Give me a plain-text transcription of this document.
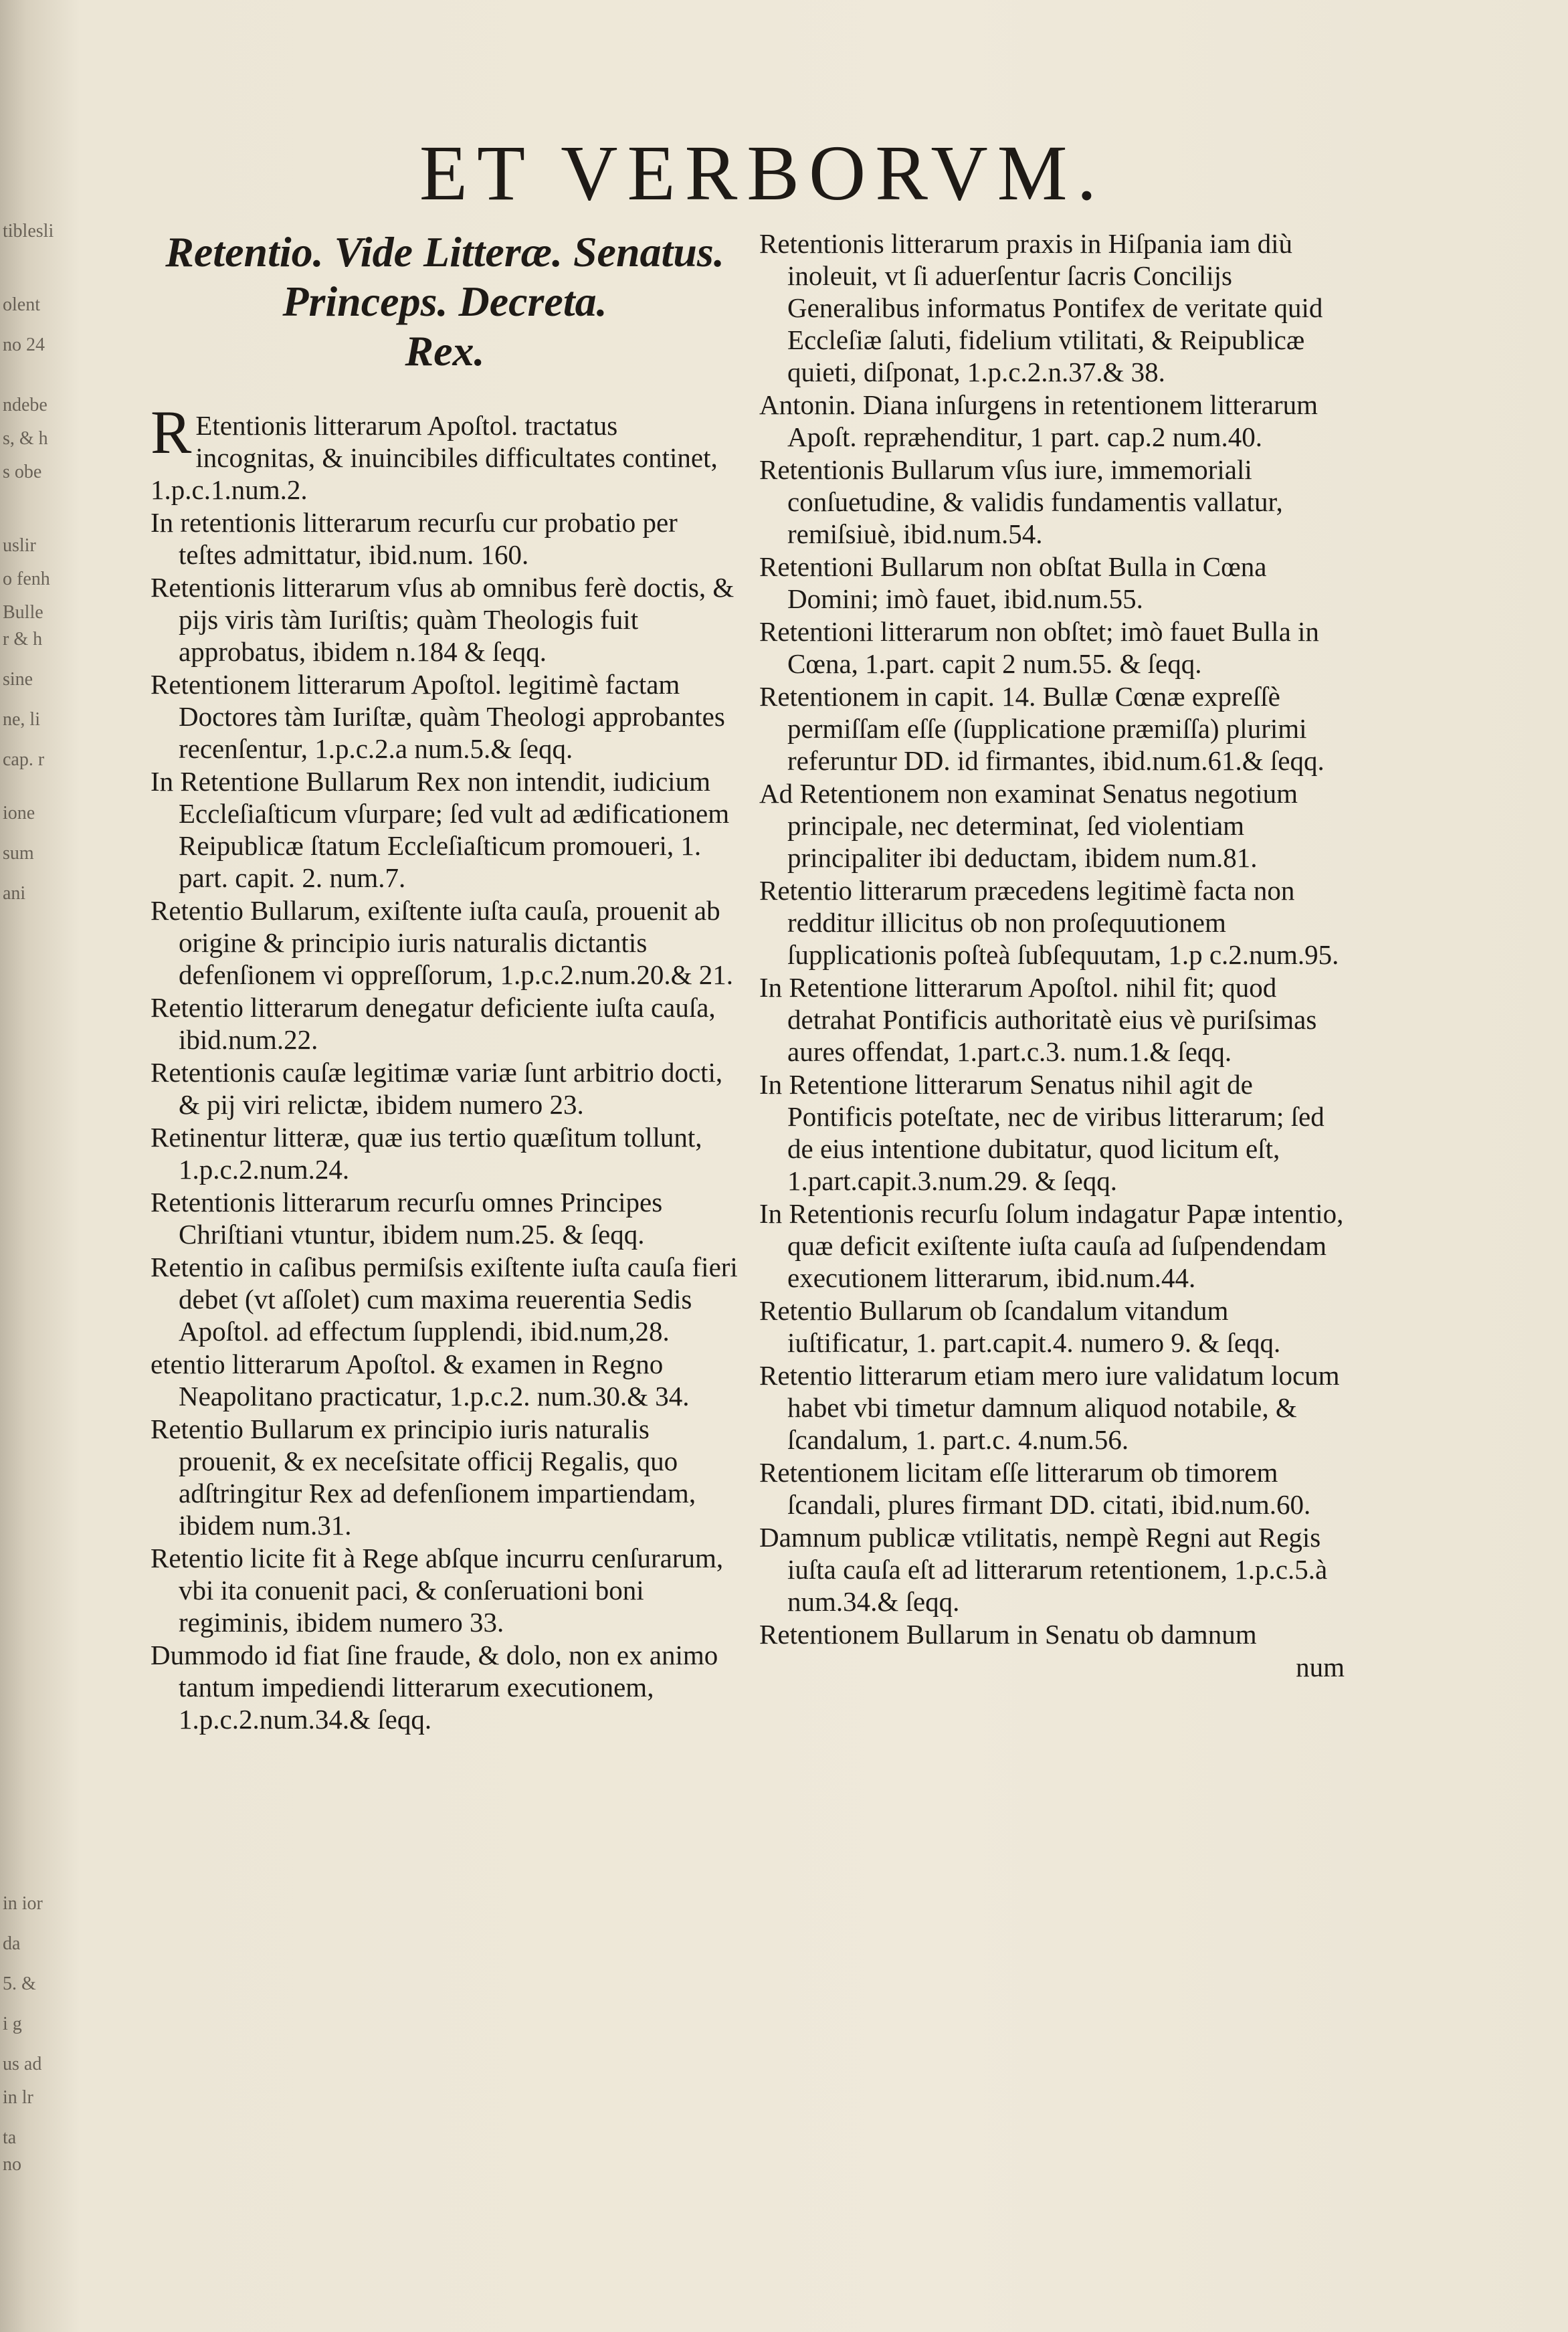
tiblesli
olent
no 24
ndebe
s, & h
s obe
uslir
o fenh
Bulle
r & h
sine
ne, li
cap. r
ione
sum
ani
in ior
da
5. &
i g
us ad
in lr
ta
no
ET VERBORVM.
Retentio. Vide Litteræ. Senatus.
Princeps. Decreta.
Rex.

R Etentionis litterarum Apoſtol. tractatus incognitas, & inuincibiles difficultates continet, 1.p.c.1.num.2.

In retentionis litterarum recurſu cur probatio per teſtes admittatur, ibid.num. 160.

Retentionis litterarum vſus ab omnibus ferè doctis, & pijs viris tàm Iuriſtis; quàm Theologis fuit approbatus, ibidem n.184 & ſeqq.

Retentionem litterarum Apoſtol. legitimè factam Doctores tàm Iuriſtæ, quàm Theologi approbantes recenſentur, 1.p.c.2.a num.5.& ſeqq.

In Retentione Bullarum Rex non intendit, iudicium Eccleſiaſticum vſurpare; ſed vult ad ædificationem Reipublicæ ſtatum Eccleſiaſticum promoueri, 1. part. capit. 2. num.7.

Retentio Bullarum, exiſtente iuſta cauſa, prouenit ab origine & principio iuris naturalis dictantis defenſionem vi oppreſſorum, 1.p.c.2.num.20.& 21.

Retentio litterarum denegatur deficiente iuſta cauſa, ibid.num.22.

Retentionis cauſæ legitimæ variæ ſunt arbitrio docti, & pij viri relictæ, ibidem numero 23.

Retinentur litteræ, quæ ius tertio quæſitum tollunt, 1.p.c.2.num.24.

Retentionis litterarum recurſu omnes Principes Chriſtiani vtuntur, ibidem num.25. & ſeqq.

Retentio in caſibus permiſsis exiſtente iuſta cauſa fieri debet (vt aſſolet) cum maxima reuerentia Sedis Apoſtol. ad effectum ſupplendi, ibid.num,28.

etentio litterarum Apoſtol. & examen in Regno Neapolitano practicatur, 1.p.c.2. num.30.& 34.

Retentio Bullarum ex principio iuris naturalis prouenit, & ex neceſsitate officij Regalis, quo adſtringitur Rex ad defenſionem impartiendam, ibidem num.31.

Retentio licite fit à Rege abſque incurru cenſurarum, vbi ita conuenit paci, & conſeruationi boni regiminis, ibidem numero 33.

Dummodo id fiat ſine fraude, & dolo, non ex animo tantum impediendi litterarum executionem, 1.p.c.2.num.34.& ſeqq.

Retentionis litterarum praxis in Hiſpania iam diù inoleuit, vt ſi aduerſentur ſacris Concilijs Generalibus informatus Pontifex de veritate quid Eccleſiæ ſaluti, fidelium vtilitati, & Reipublicæ quieti, diſponat, 1.p.c.2.n.37.& 38.

Antonin. Diana inſurgens in retentionem litterarum Apoſt. repræhenditur, 1 part. cap.2 num.40.

Retentionis Bullarum vſus iure, immemoriali conſuetudine, & validis fundamentis vallatur, remiſsiuè, ibid.num.54.

Retentioni Bullarum non obſtat Bulla in Cœna Domini; imò fauet, ibid.num.55.

Retentioni litterarum non obſtet; imò fauet Bulla in Cœna, 1.part. capit 2 num.55. & ſeqq.

Retentionem in capit. 14. Bullæ Cœnæ expreſſè permiſſam eſſe (ſupplicatione præmiſſa) plurimi referuntur DD. id firmantes, ibid.num.61.& ſeqq.

Ad Retentionem non examinat Senatus negotium principale, nec determinat, ſed violentiam principaliter ibi deductam, ibidem num.81.

Retentio litterarum præcedens legitimè facta non redditur illicitus ob non proſequutionem ſupplicationis poſteà ſubſequutam, 1.p c.2.num.95.

In Retentione litterarum Apoſtol. nihil fit; quod detrahat Pontificis authoritatè eius vè puriſsimas aures offendat, 1.part.c.3. num.1.& ſeqq.

In Retentione litterarum Senatus nihil agit de Pontificis poteſtate, nec de viribus litterarum; ſed de eius intentione dubitatur, quod licitum eſt, 1.part.capit.3.num.29. & ſeqq.

In Retentionis recurſu ſolum indagatur Papæ intentio, quæ deficit exiſtente iuſta cauſa ad ſuſpendendam executionem litterarum, ibid.num.44.

Retentio Bullarum ob ſcandalum vitandum iuſtificatur, 1. part.capit.4. numero 9. & ſeqq.

Retentio litterarum etiam mero iure validatum locum habet vbi timetur damnum aliquod notabile, & ſcandalum, 1. part.c. 4.num.56.

Retentionem licitam eſſe litterarum ob timorem ſcandali, plures firmant DD. citati, ibid.num.60.

Damnum publicæ vtilitatis, nempè Regni aut Regis iuſta cauſa eſt ad litterarum retentionem, 1.p.c.5.à num.34.& ſeqq.

Retentionem Bullarum in Senatu ob damnum

num
